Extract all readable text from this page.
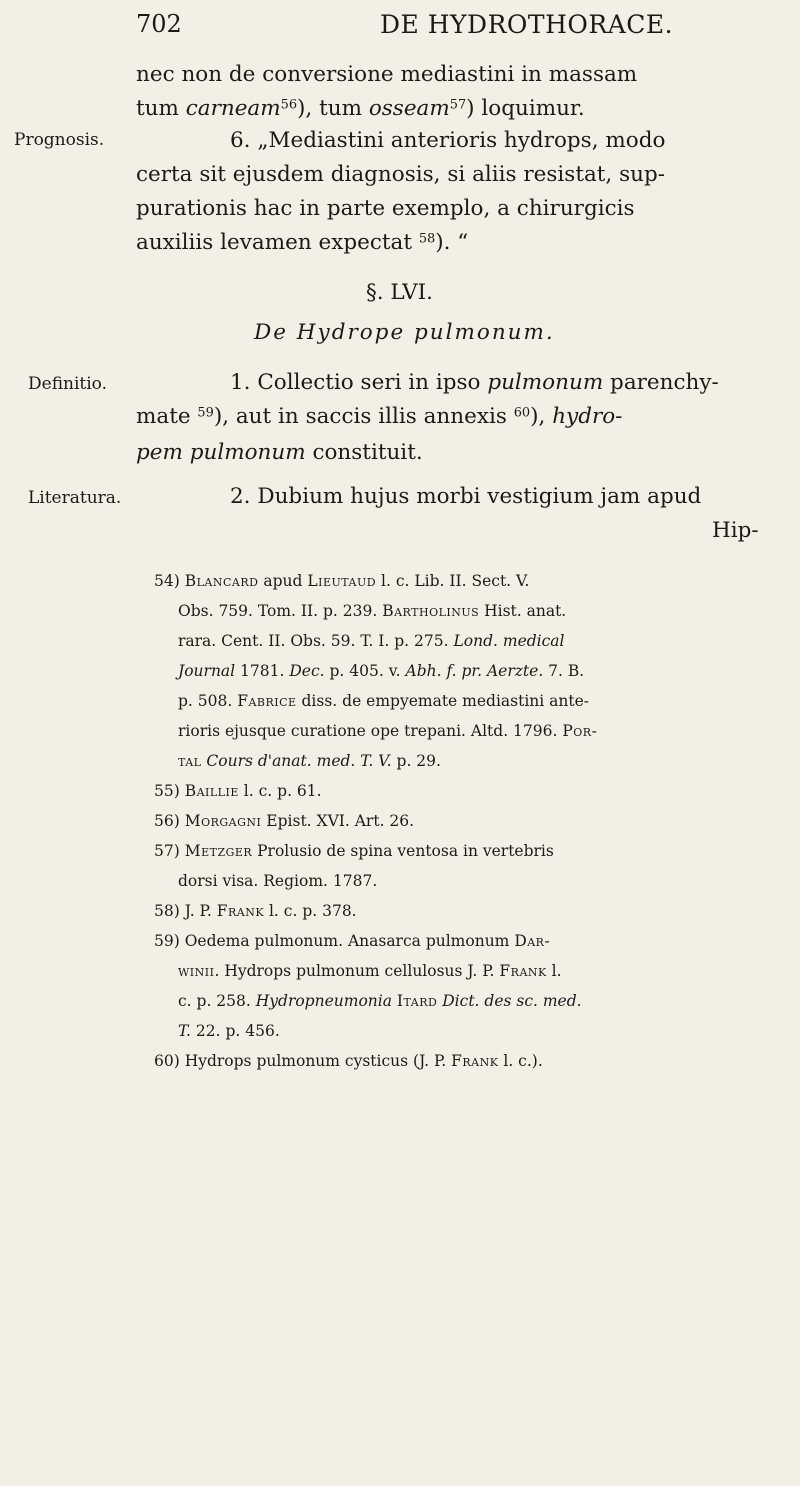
702	DE HYDROTHORACE.
Prognosis.
Definitio.
Literatura.
nec non de conversione mediastini in massam
tum carneam$^{56}$), tum osseam$^{57}$) loquimur.
6. „Mediastini anterioris hydrops, modo
certa sit ejusdem diagnosis, si aliis resistat, sup-
purationis hac in parte exemplo, a chirurgicis
auxiliis levamen expectat $^{58}$). “
§. LVI.
De Hydrope pulmonum.
1. Collectio seri in ipso pulmonum parenchy-
mate $^{59}$), aut in saccis illis annexis $^{60}$), hydro-
pem pulmonum constituit.
2. Dubium hujus morbi vestigium jam apud
Hip-
54) Blancard apud Lieutaud l. c. Lib. II. Sect. V.
Obs. 759. Tom. II. p. 239. Bartholinus Hist. anat.
rara. Cent. II. Obs. 59. T. I. p. 275. Lond. medical
Journal 1781. Dec. p. 405. v. Abh. f. pr. Aerzte. 7. B.
p. 508. Fabrice diss. de empyemate mediastini ante-
rioris ejusque curatione ope trepani. Altd. 1796. Por-
tal Cours d'anat. med. T. V. p. 29.
55) Baillie l. c. p. 61.
56) Morgagni Epist. XVI. Art. 26.
57) Metzger Prolusio de spina ventosa in vertebris
dorsi visa. Regiom. 1787.
58) J. P. Frank l. c. p. 378.
59) Oedema pulmonum. Anasarca pulmonum Dar-
winii. Hydrops pulmonum cellulosus J. P. Frank l.
c. p. 258. Hydropneumonia Itard Dict. des sc. med.
T. 22. p. 456.
60) Hydrops pulmonum cysticus (J. P. Frank l. c.).
